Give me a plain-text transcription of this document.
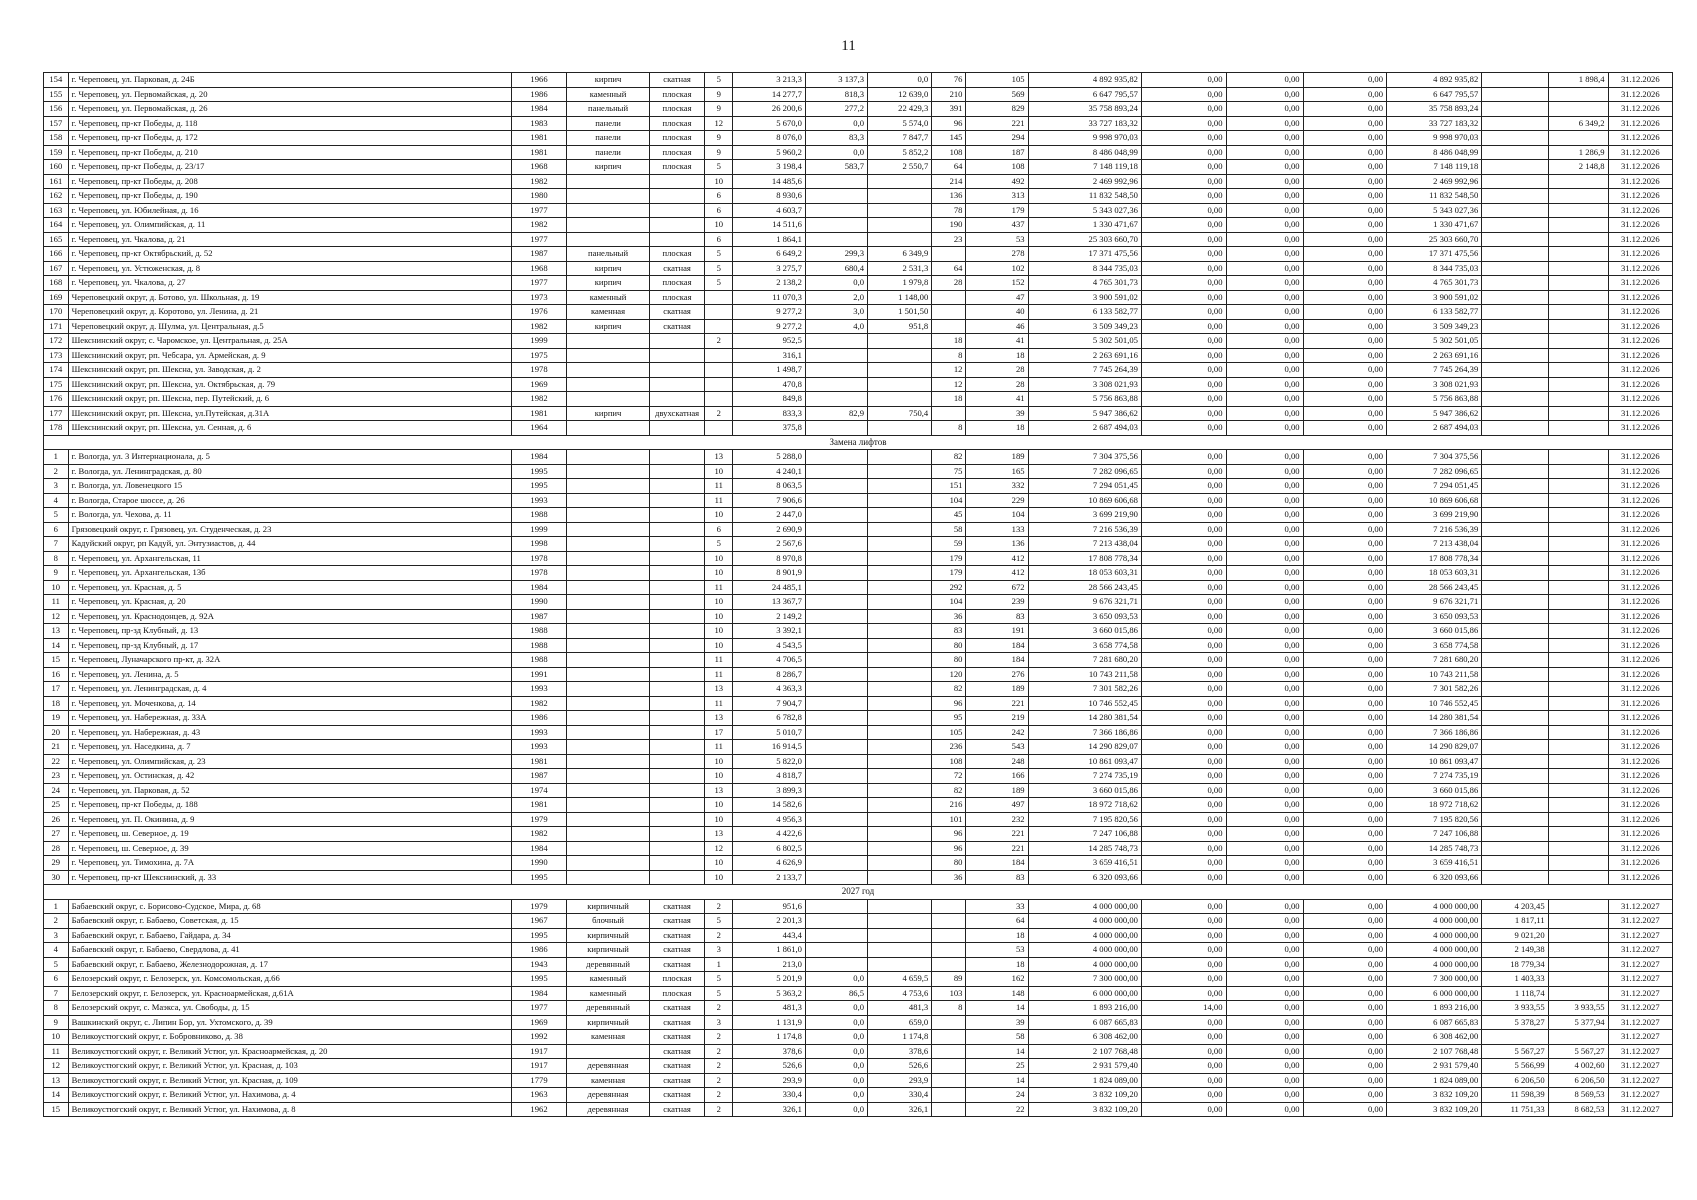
11
154	г. Череповец, ул. Парковая, д. 24Б	1966	кирпич	скатная	5	3 213,3	3 137,3	0,0	76	105	4 892 935,82	0,00	0,00	0,00	4 892 935,82		1 898,4	31.12.2026
155	г. Череповец, ул. Первомайская, д. 20	1986	каменный	плоская	9	14 277,7	818,3	12 639,0	210	569	6 647 795,57	0,00	0,00	0,00	6 647 795,57			31.12.2026
156	г. Череповец, ул. Первомайская, д. 26	1984	панельный	плоская	9	26 200,6	277,2	22 429,3	391	829	35 758 893,24	0,00	0,00	0,00	35 758 893,24			31.12.2026
157	г. Череповец, пр-кт Победы, д. 118	1983	панели	плоская	12	5 670,0	0,0	5 574,0	96	221	33 727 183,32	0,00	0,00	0,00	33 727 183,32		6 349,2	31.12.2026
158	г. Череповец, пр-кт Победы, д. 172	1981	панели	плоская	9	8 076,0	83,3	7 847,7	145	294	9 998 970,03	0,00	0,00	0,00	9 998 970,03			31.12.2026
159	г. Череповец, пр-кт Победы, д. 210	1981	панели	плоская	9	5 960,2	0,0	5 852,2	108	187	8 486 048,99	0,00	0,00	0,00	8 486 048,99		1 286,9	31.12.2026
160	г. Череповец, пр-кт Победы, д. 23/17	1968	кирпич	плоская	5	3 198,4	583,7	2 550,7	64	108	7 148 119,18	0,00	0,00	0,00	7 148 119,18		2 148,8	31.12.2026
161	г. Череповец, пр-кт Победы, д. 208	1982			10	14 485,6			214	492	2 469 992,96	0,00	0,00	0,00	2 469 992,96			31.12.2026
162	г. Череповец, пр-кт Победы, д. 190	1980			6	8 930,6			136	313	11 832 548,50	0,00	0,00	0,00	11 832 548,50			31.12.2026
163	г. Череповец, ул. Юбилейная, д. 16	1977			6	4 603,7			78	179	5 343 027,36	0,00	0,00	0,00	5 343 027,36			31.12.2026
164	г. Череповец, ул. Олимпийская, д. 11	1982			10	14 511,6			190	437	1 330 471,67	0,00	0,00	0,00	1 330 471,67			31.12.2026
165	г. Череповец, ул. Чкалова, д. 21	1977			6	1 864,1			23	53	25 303 660,70	0,00	0,00	0,00	25 303 660,70			31.12.2026
166	г. Череповец, пр-кт Октябрьский, д. 52	1987	панельный	плоская	5	6 649,2	299,3	6 349,9		278	17 371 475,56	0,00	0,00	0,00	17 371 475,56			31.12.2026
167	г. Череповец, ул. Устюженская, д. 8	1968	кирпич	скатная	5	3 275,7	680,4	2 531,3	64	102	8 344 735,03	0,00	0,00	0,00	8 344 735,03			31.12.2026
168	г. Череповец, ул. Чкалова, д. 27	1977	кирпич	плоская	5	2 138,2	0,0	1 979,8	28	152	4 765 301,73	0,00	0,00	0,00	4 765 301,73			31.12.2026
169	Череповецкий округ, д. Ботово, ул. Школьная, д. 19	1973	каменный	плоская		11 070,3	2,0	1 148,00		47	3 900 591,02	0,00	0,00	0,00	3 900 591,02			31.12.2026
170	Череповецкий округ, д. Коротово, ул. Ленина, д. 21	1976	каменная	скатная		9 277,2	3,0	1 501,50		40	6 133 582,77	0,00	0,00	0,00	6 133 582,77			31.12.2026
171	Череповецкий округ, д. Шулма, ул. Центральная, д.5	1982	кирпич	скатная		9 277,2	4,0	951,8		46	3 509 349,23	0,00	0,00	0,00	3 509 349,23			31.12.2026
172	Шекснинский округ, с. Чаромское, ул. Центральная, д. 25А	1999			2	952,5			18	41	5 302 501,05	0,00	0,00	0,00	5 302 501,05			31.12.2026
173	Шекснинский округ, рп. Чебсара, ул. Армейская, д. 9	1975				316,1			8	18	2 263 691,16	0,00	0,00	0,00	2 263 691,16			31.12.2026
174	Шекснинский округ, рп. Шексна, ул. Заводская, д. 2	1978				1 498,7			12	28	7 745 264,39	0,00	0,00	0,00	7 745 264,39			31.12.2026
175	Шекснинский округ, рп. Шексна, ул. Октябрьская, д. 79	1969				470,8			12	28	3 308 021,93	0,00	0,00	0,00	3 308 021,93			31.12.2026
176	Шекснинский округ, рп. Шексна, пер. Путейский, д. 6	1982				849,8			18	41	5 756 863,88	0,00	0,00	0,00	5 756 863,88			31.12.2026
177	Шекснинский округ, рп. Шексна, ул.Путейская, д.31А	1981	кирпич	двухскатная	2	833,3	82,9	750,4		39	5 947 386,62	0,00	0,00	0,00	5 947 386,62			31.12.2026
178	Шекснинский округ, рп. Шексна, ул. Сенная, д. 6	1964				375,8			8	18	2 687 494,03	0,00	0,00	0,00	2 687 494,03			31.12.2026
Замена лифтов																		
1	г. Вологда, ул. 3 Интернационала, д. 5	1984			13	5 288,0			82	189	7 304 375,56	0,00	0,00	0,00	7 304 375,56			31.12.2026
2	г. Вологда, ул. Ленинградская, д. 80	1995			10	4 240,1			75	165	7 282 096,65	0,00	0,00	0,00	7 282 096,65			31.12.2026
3	г. Вологда, ул. Ловенецкого 15	1995			11	8 063,5			151	332	7 294 051,45	0,00	0,00	0,00	7 294 051,45			31.12.2026
4	г. Вологда, Старое шоссе, д. 26	1993			11	7 906,6			104	229	10 869 606,68	0,00	0,00	0,00	10 869 606,68			31.12.2026
5	г. Вологда, ул. Чехова, д. 11	1988			10	2 447,0			45	104	3 699 219,90	0,00	0,00	0,00	3 699 219,90			31.12.2026
6	Грязовецкий округ, г. Грязовец, ул. Студенческая, д. 23	1999			6	2 690,9			58	133	7 216 536,39	0,00	0,00	0,00	7 216 536,39			31.12.2026
7	Кадуйский округ, рп Кадуй, ул. Энтузиастов, д. 44	1998			5	2 567,6			59	136	7 213 438,04	0,00	0,00	0,00	7 213 438,04			31.12.2026
8	г. Череповец, ул. Архангельская, 11	1978			10	8 970,8			179	412	17 808 778,34	0,00	0,00	0,00	17 808 778,34			31.12.2026
9	г. Череповец, ул. Архангельская, 13б	1978			10	8 901,9			179	412	18 053 603,31	0,00	0,00	0,00	18 053 603,31			31.12.2026
10	г. Череповец, ул. Красная, д. 5	1984			11	24 485,1			292	672	28 566 243,45	0,00	0,00	0,00	28 566 243,45			31.12.2026
11	г. Череповец, ул. Красная, д. 20	1990			10	13 367,7			104	239	9 676 321,71	0,00	0,00	0,00	9 676 321,71			31.12.2026
12	г. Череповец, ул. Краснодонцев, д. 92А	1987			10	2 149,2			36	83	3 650 093,53	0,00	0,00	0,00	3 650 093,53			31.12.2026
13	г. Череповец, пр-зд Клубный, д. 13	1988			10	3 392,1			83	191	3 660 015,86	0,00	0,00	0,00	3 660 015,86			31.12.2026
14	г. Череповец, пр-зд Клубный, д. 17	1988			10	4 543,5			80	184	3 658 774,58	0,00	0,00	0,00	3 658 774,58			31.12.2026
15	г. Череповец, Луначарского пр-кт, д. 32А	1988			11	4 706,5			80	184	7 281 680,20	0,00	0,00	0,00	7 281 680,20			31.12.2026
16	г. Череповец, ул. Ленина, д. 5	1991			11	8 286,7			120	276	10 743 211,58	0,00	0,00	0,00	10 743 211,58			31.12.2026
17	г. Череповец, ул. Ленинградская, д. 4	1993			13	4 363,3			82	189	7 301 582,26	0,00	0,00	0,00	7 301 582,26			31.12.2026
18	г. Череповец, ул. Моченкова, д. 14	1982			11	7 904,7			96	221	10 746 552,45	0,00	0,00	0,00	10 746 552,45			31.12.2026
19	г. Череповец, ул. Набережная, д. 33А	1986			13	6 782,8			95	219	14 280 381,54	0,00	0,00	0,00	14 280 381,54			31.12.2026
20	г. Череповец, ул. Набережная, д. 43	1993			17	5 010,7			105	242	7 366 186,86	0,00	0,00	0,00	7 366 186,86			31.12.2026
21	г. Череповец, ул. Наседкина, д. 7	1993			11	16 914,5			236	543	14 290 829,07	0,00	0,00	0,00	14 290 829,07			31.12.2026
22	г. Череповец, ул. Олимпийская, д. 23	1981			10	5 822,0			108	248	10 861 093,47	0,00	0,00	0,00	10 861 093,47			31.12.2026
23	г. Череповец, ул. Остинская, д. 42	1987			10	4 818,7			72	166	7 274 735,19	0,00	0,00	0,00	7 274 735,19			31.12.2026
24	г. Череповец, ул. Парковая, д. 52	1974			13	3 899,3			82	189	3 660 015,86	0,00	0,00	0,00	3 660 015,86			31.12.2026
25	г. Череповец, пр-кт Победы, д. 188	1981			10	14 582,6			216	497	18 972 718,62	0,00	0,00	0,00	18 972 718,62			31.12.2026
26	г. Череповец, ул. П. Окинина, д. 9	1979			10	4 956,3			101	232	7 195 820,56	0,00	0,00	0,00	7 195 820,56			31.12.2026
27	г. Череповец, ш. Северное, д. 19	1982			13	4 422,6			96	221	7 247 106,88	0,00	0,00	0,00	7 247 106,88			31.12.2026
28	г. Череповец, ш. Северное, д. 39	1984			12	6 802,5			96	221	14 285 748,73	0,00	0,00	0,00	14 285 748,73			31.12.2026
29	г. Череповец, ул. Тимохина, д. 7А	1990			10	4 626,9			80	184	3 659 416,51	0,00	0,00	0,00	3 659 416,51			31.12.2026
30	г. Череповец, пр-кт Шекснинский, д. 33	1995			10	2 133,7			36	83	6 320 093,66	0,00	0,00	0,00	6 320 093,66			31.12.2026
2027 год																		
1	Бабаевский округ, с. Борисово-Судское, Мира, д. 68	1979	кирпичный	скатная	2	951,6				33	4 000 000,00	0,00	0,00	0,00	4 000 000,00	4 203,45		31.12.2027
2	Бабаевский округ, г. Бабаево, Советская, д. 15	1967	блочный	скатная	5	2 201,3				64	4 000 000,00	0,00	0,00	0,00	4 000 000,00	1 817,11		31.12.2027
3	Бабаевский округ, г. Бабаево, Гайдара, д. 34	1995	кирпичный	скатная	2	443,4				18	4 000 000,00	0,00	0,00	0,00	4 000 000,00	9 021,20		31.12.2027
4	Бабаевский округ, г. Бабаево, Свердлова, д. 41	1986	кирпичный	скатная	3	1 861,0				53	4 000 000,00	0,00	0,00	0,00	4 000 000,00	2 149,38		31.12.2027
5	Бабаевский округ, г. Бабаево, Железнодорожная, д. 17	1943	деревянный	скатная	1	213,0				18	4 000 000,00	0,00	0,00	0,00	4 000 000,00	18 779,34		31.12.2027
6	Белозерский округ, г. Белозерск, ул. Комсомольская, д.66	1995	каменный	плоская	5	5 201,9	0,0	4 659,5	89	162	7 300 000,00	0,00	0,00	0,00	7 300 000,00	1 403,33		31.12.2027
7	Белозерский округ, г. Белозерск, ул. Красноармейская, д.61А	1984	каменный	плоская	5	5 363,2	86,5	4 753,6	103	148	6 000 000,00	0,00	0,00	0,00	6 000 000,00	1 118,74		31.12.2027
8	Белозерский округ, с. Маэкса, ул. Свободы, д. 15	1977	деревянный	скатная	2	481,3	0,0	481,3	8	14	1 893 216,00	14,00	0,00	0,00	1 893 216,00	3 933,55	3 933,55	31.12.2027
9	Вашкинский округ, с. Липин Бор, ул. Ухтомского, д. 39	1969	кирпичный	скатная	3	1 131,9	0,0	659,0		39	6 087 665,83	0,00	0,00	0,00	6 087 665,83	5 378,27	5 377,94	31.12.2027
10	Великоустюгский округ, г. Бобровниково, д. 38	1992	каменная	скатная	2	1 174,8	0,0	1 174,8		58	6 308 462,00	0,00	0,00	0,00	6 308 462,00			31.12.2027
11	Великоустюгский округ, г. Великий Устюг, ул. Красноармейская, д. 20	1917		скатная	2	378,6	0,0	378,6		14	2 107 768,48	0,00	0,00	0,00	2 107 768,48	5 567,27	5 567,27	31.12.2027
12	Великоустюгский округ, г. Великий Устюг, ул. Красная, д. 103	1917	деревянная	скатная	2	526,6	0,0	526,6		25	2 931 579,40	0,00	0,00	0,00	2 931 579,40	5 566,99	4 002,60	31.12.2027
13	Великоустюгский округ, г. Великий Устюг, ул. Красная, д. 109	1779	каменная	скатная	2	293,9	0,0	293,9		14	1 824 089,00	0,00	0,00	0,00	1 824 089,00	6 206,50	6 206,50	31.12.2027
14	Великоустюгский округ, г. Великий Устюг, ул. Нахимова, д. 4	1963	деревянная	скатная	2	330,4	0,0	330,4		24	3 832 109,20	0,00	0,00	0,00	3 832 109,20	11 598,39	8 569,53	31.12.2027
15	Великоустюгский округ, г. Великий Устюг, ул. Нахимова, д. 8	1962	деревянная	скатная	2	326,1	0,0	326,1		22	3 832 109,20	0,00	0,00	0,00	3 832 109,20	11 751,33	8 682,53	31.12.2027
